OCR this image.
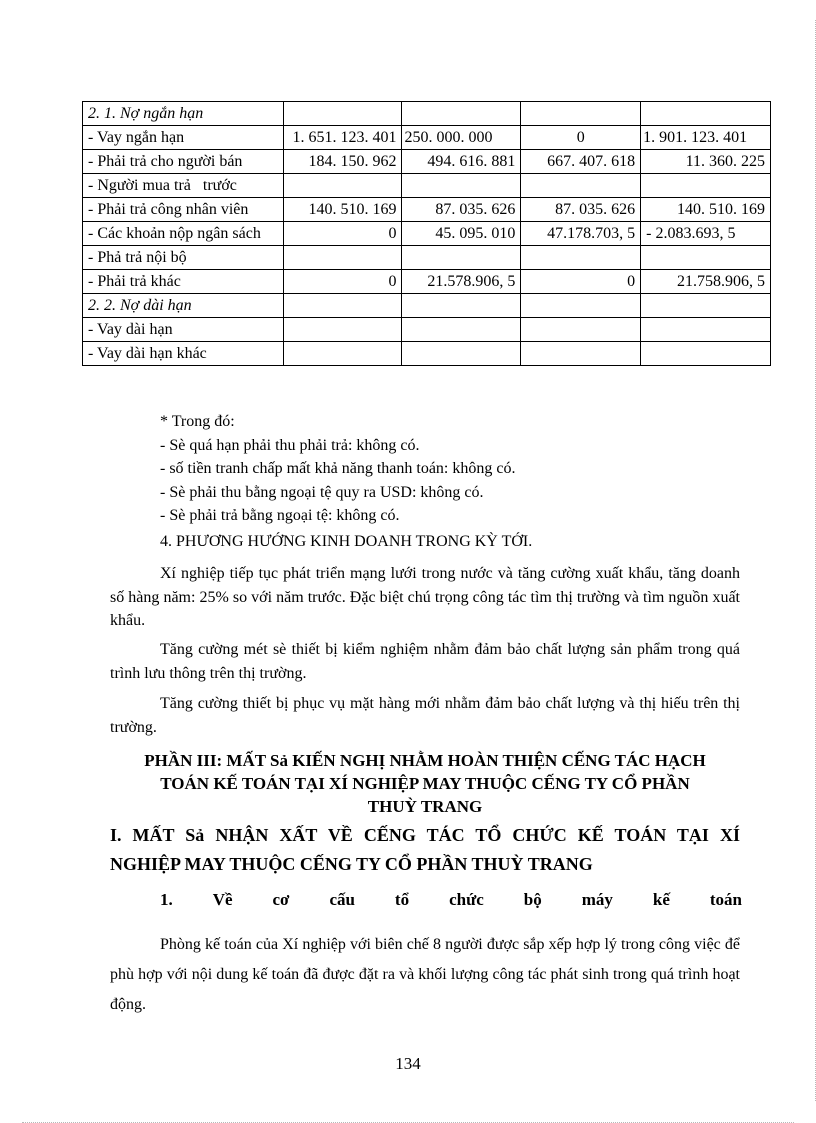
2. 1. Nợ ngắn hạn				
- Vay ngắn hạn	1. 651. 123. 401	250. 000. 000	0	1. 901. 123. 401
- Phải trả cho người bán	184. 150. 962	494. 616. 881	667. 407. 618	11. 360. 225
- Người mua trả   trước				
- Phải trả công nhân viên	140. 510. 169	87. 035. 626	87. 035. 626	140. 510. 169
- Các khoản nộp ngân sách	0	45. 095. 010	47.178.703, 5	- 2.083.693, 5
- Phả trả nội bộ				
- Phải trả khác	0	21.578.906, 5	0	21.758.906, 5
2. 2. Nợ dài hạn				
- Vay dài hạn				
- Vay dài hạn khác				
* Trong đó:
- Sè quá hạn phải thu phải trả: không có.
- số tiền tranh chấp mất khả năng thanh toán: không có.
- Sè phải thu bằng ngoại tệ quy ra USD: không có.
- Sè phải trả bằng ngoại tệ: không có.
4. PHƯƠNG HƯỚNG KINH DOANH TRONG KỲ TỚI.

Xí nghiệp tiếp tục phát triển mạng lưới trong nước và tăng cường xuất khẩu, tăng doanh số hàng năm: 25% so với năm trước. Đặc biệt chú trọng công tác tìm thị trường và tìm nguồn xuất khẩu.

Tăng cường mét sè thiết bị kiểm nghiệm nhằm đảm bảo chất lượng sản phẩm trong quá trình lưu thông trên thị trường.

Tăng cường thiết bị phục vụ mặt hàng mới nhằm đảm bảo chất lượng và thị hiếu trên thị trường.

PHẦN III: MẤT Sả KIẾN NGHỊ NHẰM HOÀN THIỆN CẾNG TÁC HẠCH
TOÁN KẾ TOÁN TẠI XÍ NGHIỆP MAY THUỘC CẾNG TY CỔ PHẦN
THUỲ TRANG
I. MẤT Sả NHẬN XẤT VỀ CẾNG TÁC TỔ CHỨC KẾ TOÁN TẠI XÍ
NGHIỆP MAY THUỘC CẾNG TY CỔ PHẦN THUỲ TRANG
1. Về cơ cấu tổ chức bộ máy kế toán

Phòng kế toán của Xí nghiệp với biên chế 8 người được sắp xếp hợp lý trong công việc để phù hợp với nội dung kế toán đã được đặt ra và khối lượng công tác phát sinh trong quá trình hoạt động.

134
